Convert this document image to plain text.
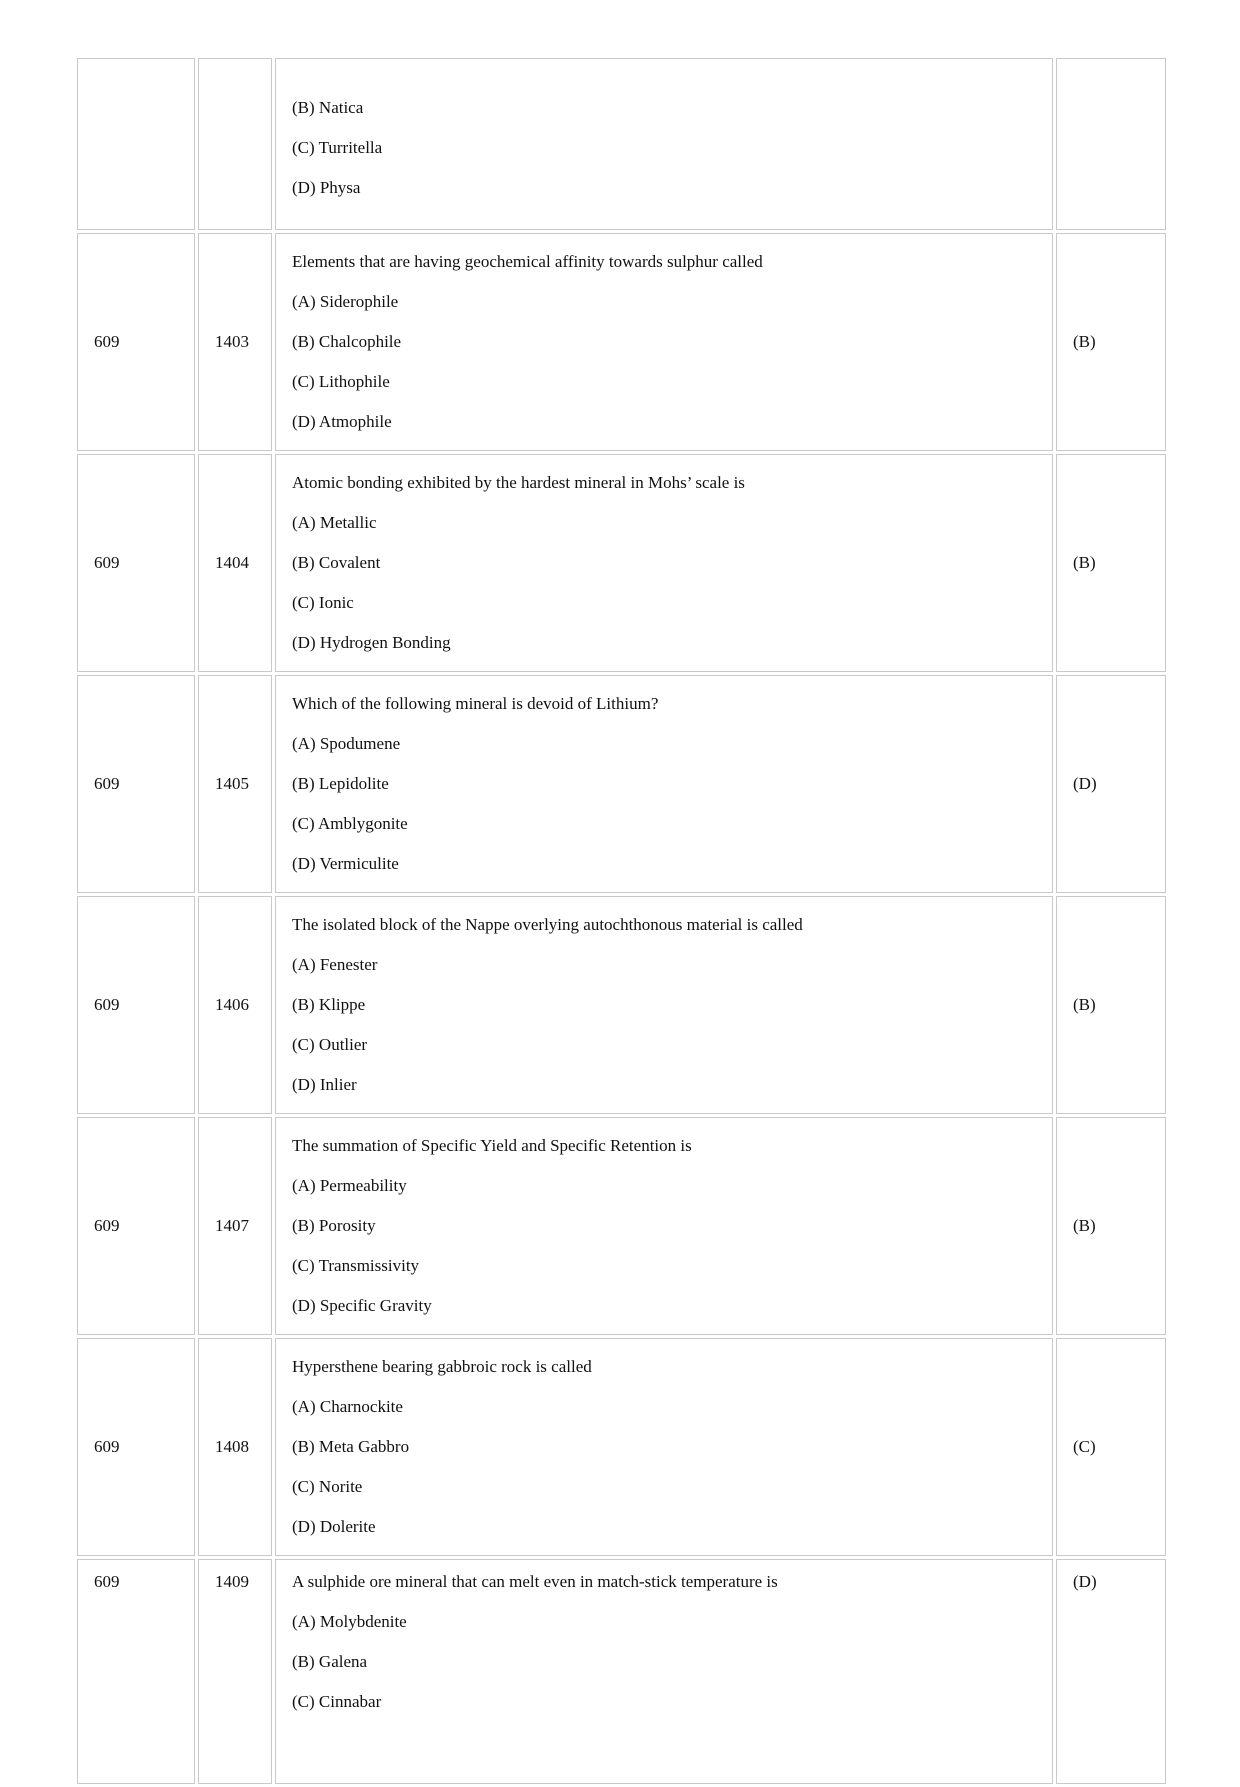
		(B) Natica
(C) Turritella
(D) Physa	

609	1403	Elements that are having geochemical affinity towards sulphur called
(A) Siderophile
(B) Chalcophile
(C) Lithophile
(D) Atmophile	(B)
609	1404	Atomic bonding exhibited by the hardest mineral in Mohs’ scale is
(A) Metallic
(B) Covalent
(C) Ionic
(D) Hydrogen Bonding	(B)
609	1405	Which of the following mineral is devoid of Lithium?
(A) Spodumene
(B) Lepidolite
(C) Amblygonite
(D) Vermiculite	(D)
609	1406	The isolated block of the Nappe overlying autochthonous material is called
(A) Fenester
(B) Klippe
(C) Outlier
(D) Inlier	(B)
609	1407	The summation of Specific Yield and Specific Retention is
(A) Permeability
(B) Porosity
(C) Transmissivity
(D) Specific Gravity	(B)
609	1408	Hypersthene bearing gabbroic rock is called
(A) Charnockite
(B) Meta Gabbro
(C) Norite
(D) Dolerite	(C)
609	1409	A sulphide ore mineral that can melt even in match-stick temperature is
(A) Molybdenite
(B) Galena
(C) Cinnabar	(D)
